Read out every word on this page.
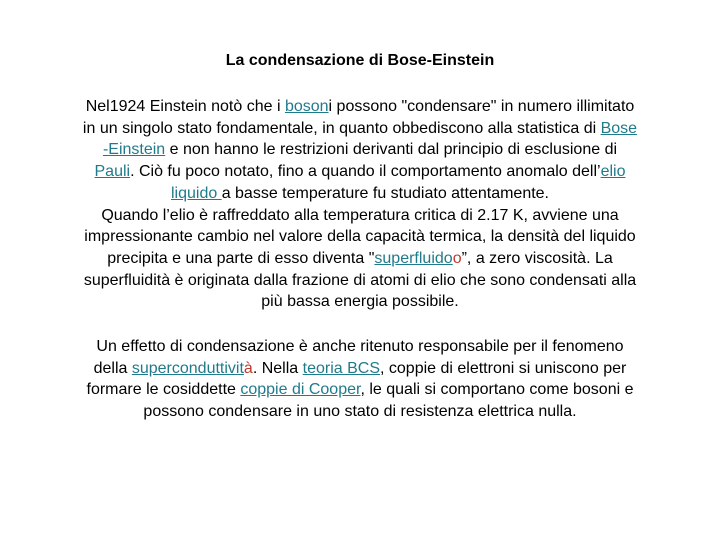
La condensazione di Bose-Einstein
Nel1924 Einstein notò che i bosoni possono "condensare" in numero illimitato
in un singolo stato fondamentale, in quanto obbediscono alla statistica di Bose
-Einstein e non hanno le restrizioni derivanti dal principio di esclusione di
Pauli. Ciò fu poco notato, fino a quando il comportamento anomalo dell’elio
liquido a basse temperature fu studiato attentamente.
Quando l’elio è raffreddato alla temperatura critica di 2.17 K, avviene una
impressionante cambio nel valore della capacità termica, la densità del liquido
precipita e una parte di esso diventa "superfluidoo”, a zero viscosità. La
superfluidità è originata dalla frazione di atomi di elio che sono condensati alla
più bassa energia possibile.
Un effetto di condensazione è anche ritenuto responsabile per il fenomeno
della superconduttività. Nella teoria BCS, coppie di elettroni si uniscono per
formare le cosiddette coppie di Cooper, le quali si comportano come bosoni e
possono condensare in uno stato di resistenza elettrica nulla.
